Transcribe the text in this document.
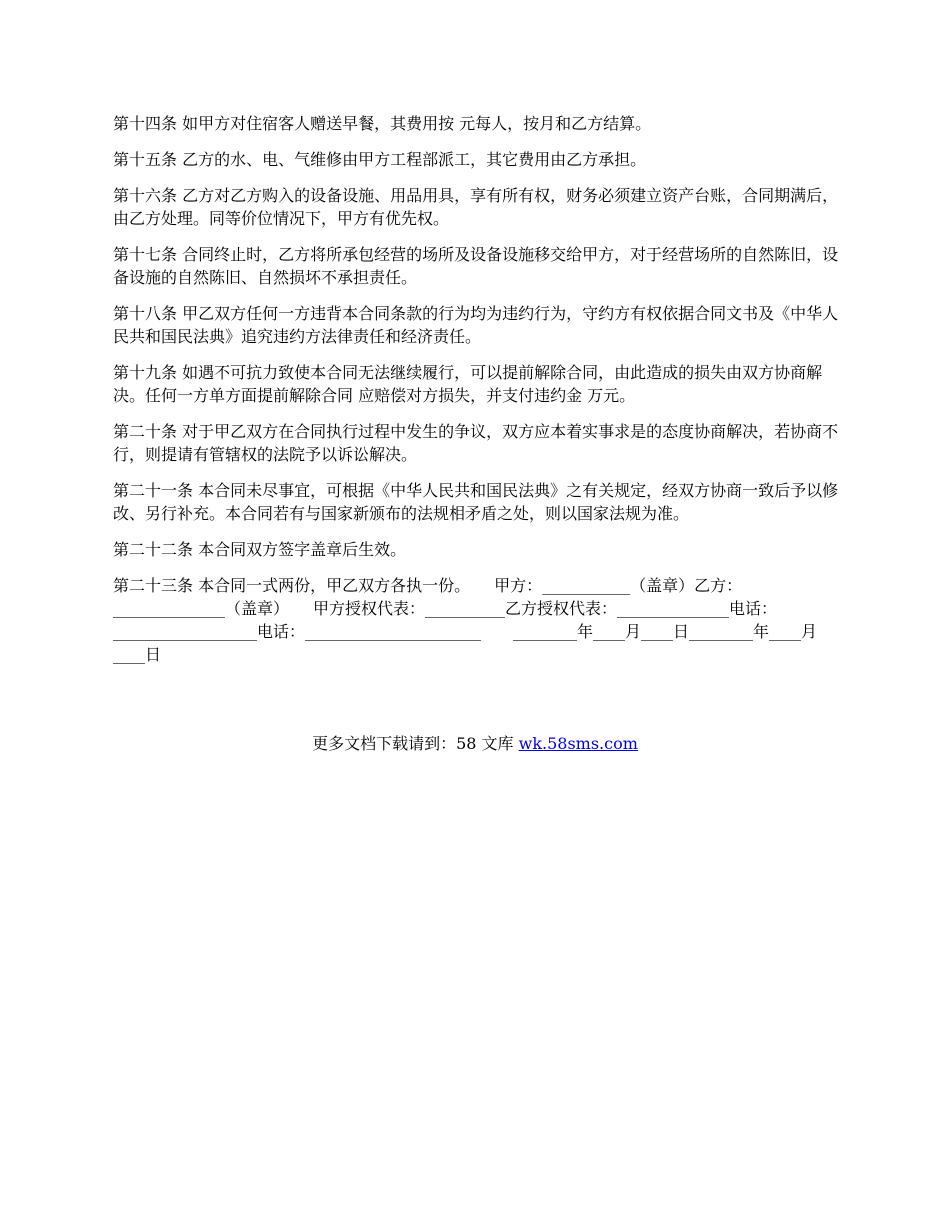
第十四条 如甲方对住宿客人赠送早餐，其费用按 元每人，按月和乙方结算。

第十五条 乙方的水、电、气维修由甲方工程部派工，其它费用由乙方承担。

第十六条 乙方对乙方购入的设备设施、用品用具，享有所有权，财务必须建立资产台账，合同期满后，由乙方处理。同等价位情况下，甲方有优先权。

第十七条 合同终止时，乙方将所承包经营的场所及设备设施移交给甲方，对于经营场所的自然陈旧，设备设施的自然陈旧、自然损坏不承担责任。

第十八条 甲乙双方任何一方违背本合同条款的行为均为违约行为，守约方有权依据合同文书及《中华人民共和国民法典》追究违约方法律责任和经济责任。

第十九条 如遇不可抗力致使本合同无法继续履行，可以提前解除合同，由此造成的损失由双方协商解决。任何一方单方面提前解除合同 应赔偿对方损失，并支付违约金 万元。

第二十条 对于甲乙双方在合同执行过程中发生的争议，双方应本着实事求是的态度协商解决，若协商不行，则提请有管辖权的法院予以诉讼解决。

第二十一条 本合同未尽事宜，可根据《中华人民共和国民法典》之有关规定，经双方协商一致后予以修改、另行补充。本合同若有与国家新颁布的法规相矛盾之处，则以国家法规为准。

第二十二条 本合同双方签字盖章后生效。

第二十三条 本合同一式两份，甲乙双方各执一份。　　甲方：___________（盖章）乙方：______________（盖章）　　甲方授权代表：__________乙方授权代表：______________电话：__________________电话：______________________　　________年____月____日________年____月____日

更多文档下载请到：58 文库 wk.58sms.com
